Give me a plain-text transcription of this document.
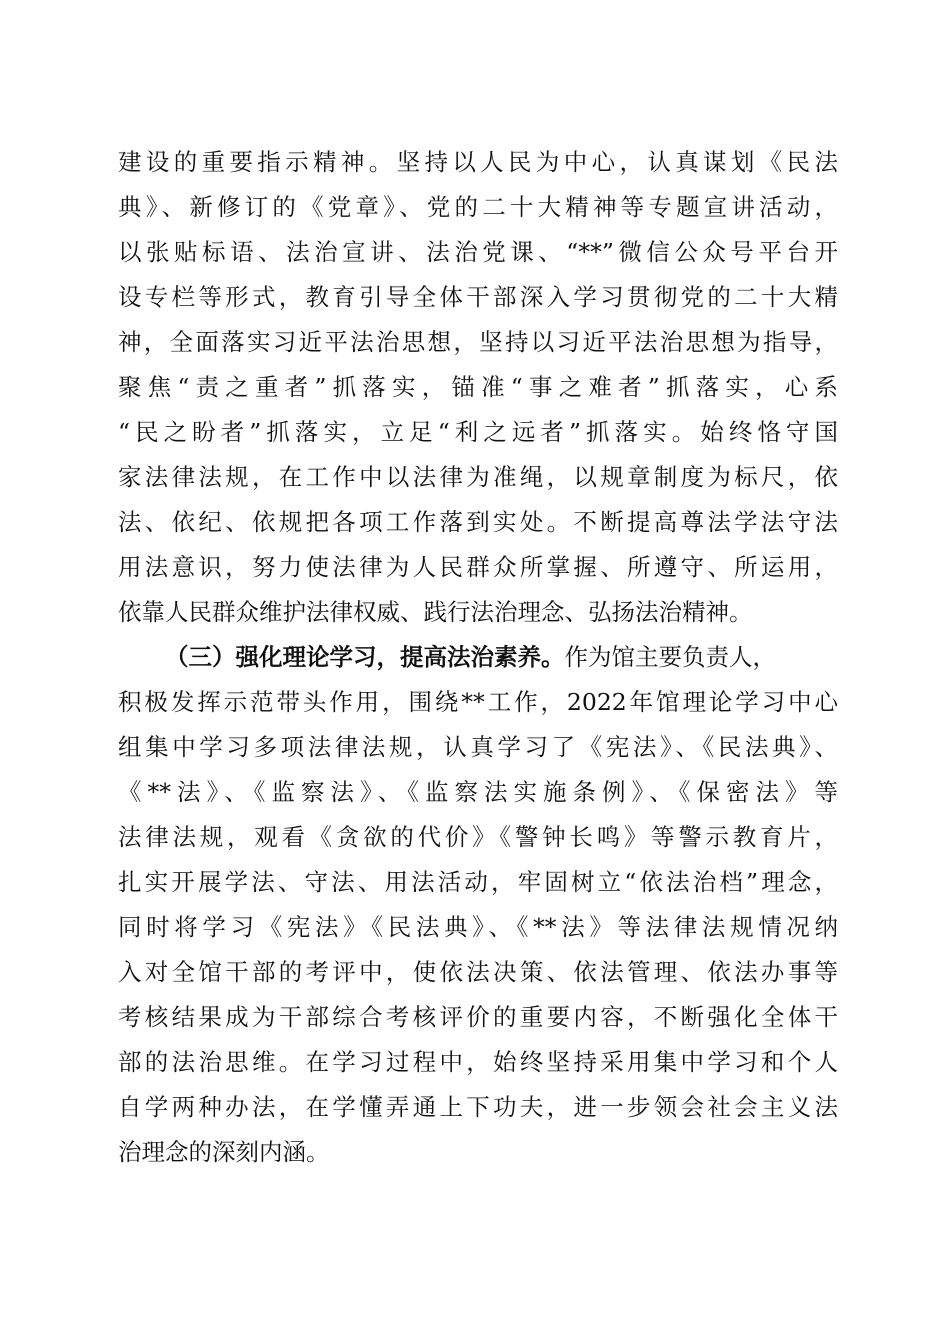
建设的重要指示精神。坚持以人民为中心，认真谋划《民法
典》、新修订的《党章》、党的二十大精神等专题宣讲活动，
以张贴标语、法治宣讲、法治党课、“**”微信公众号平台开
设专栏等形式，教育引导全体干部深入学习贯彻党的二十大精
神，全面落实习近平法治思想，坚持以习近平法治思想为指导，
聚焦“责之重者”抓落实，锚准“事之难者”抓落实，心系
“民之盼者”抓落实，立足“利之远者”抓落实。始终恪守国
家法律法规，在工作中以法律为准绳，以规章制度为标尺，依
法、依纪、依规把各项工作落到实处。不断提高尊法学法守法
用法意识，努力使法律为人民群众所掌握、所遵守、所运用，
依靠人民群众维护法律权威、践行法治理念、弘扬法治精神。
（三）强化理论学习，提高法治素养。作为馆主要负责人，
积极发挥示范带头作用，围绕**工作，2022年馆理论学习中心
组集中学习多项法律法规，认真学习了《宪法》、《民法典》、
《**法》、《监察法》、《监察法实施条例》、《保密法》等
法律法规，观看《贪欲的代价》《警钟长鸣》等警示教育片，
扎实开展学法、守法、用法活动，牢固树立“依法治档”理念，
同时将学习《宪法》《民法典》、《**法》等法律法规情况纳
入对全馆干部的考评中，使依法决策、依法管理、依法办事等
考核结果成为干部综合考核评价的重要内容，不断强化全体干
部的法治思维。在学习过程中，始终坚持采用集中学习和个人
自学两种办法，在学懂弄通上下功夫，进一步领会社会主义法
治理念的深刻内涵。
